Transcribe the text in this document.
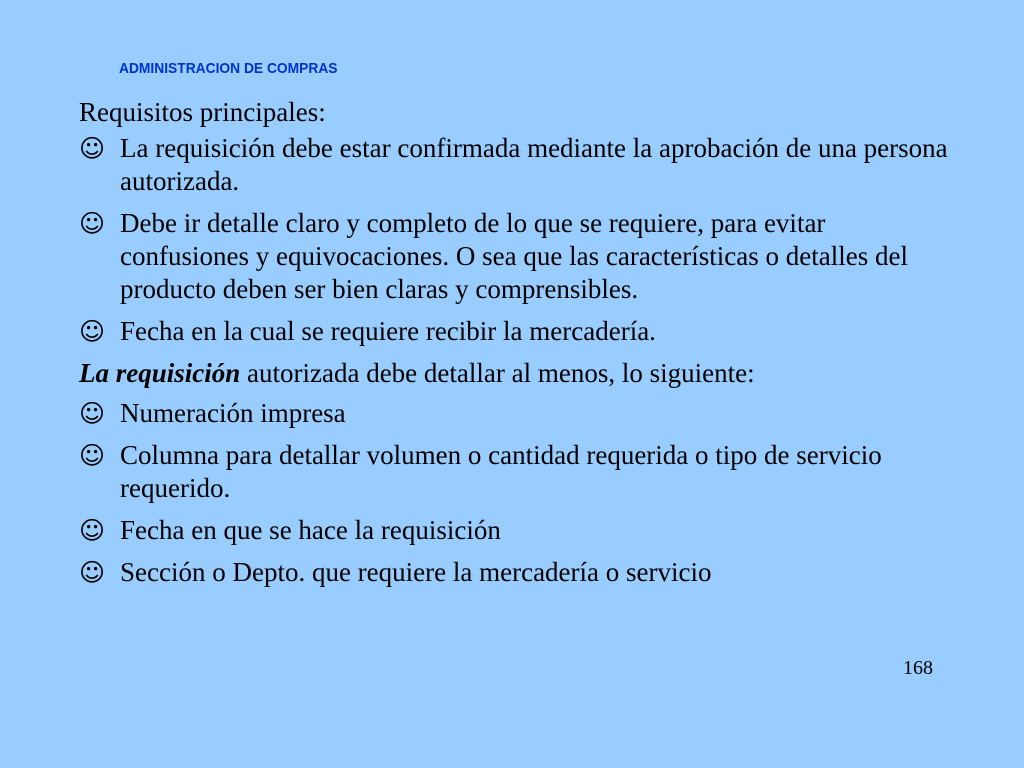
ADMINISTRACION DE COMPRAS

Requisitos principales:

☺ La requisición debe estar confirmada mediante la aprobación de una persona autorizada.
☺ Debe ir detalle claro y completo de lo que se requiere, para evitar confusiones y equivocaciones. O sea que las características o detalles del producto deben ser bien claras y comprensibles.
☺ Fecha en la cual se requiere recibir la mercadería.

La requisición autorizada debe detallar al menos, lo siguiente:

☺ Numeración impresa
☺ Columna para detallar volumen o cantidad requerida o tipo de servicio requerido.
☺ Fecha en que se hace la requisición
☺ Sección o Depto. que requiere la mercadería o servicio
168
